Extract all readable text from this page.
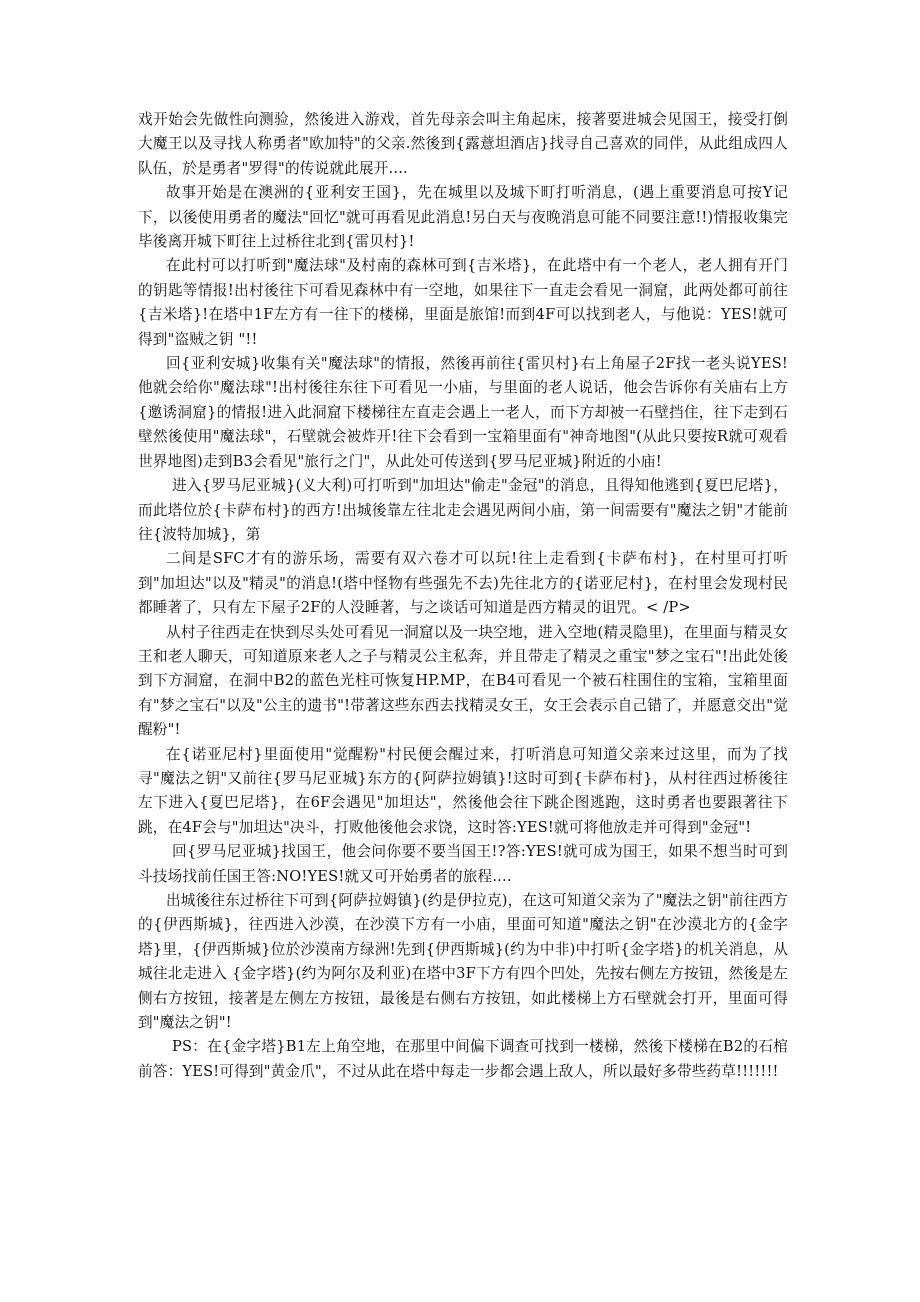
戏开始会先做性向测验，然後进入游戏，首先母亲会叫主角起床，接著要进城会见国王，接受打倒大魔王以及寻找人称勇者"欧加特"的父亲.然後到{露薏坦酒店}找寻自己喜欢的同伴，从此组成四人队伍，於是勇者"罗得"的传说就此展开....

故事开始是在澳洲的{亚利安王国}，先在城里以及城下町打听消息，(遇上重要消息可按Y记下，以後使用勇者的魔法"回忆"就可再看见此消息!另白天与夜晚消息可能不同要注意!!)情报收集完毕後离开城下町往上过桥往北到{雷贝村}!

在此村可以打听到"魔法球"及村南的森林可到{吉米塔}，在此塔中有一个老人，老人拥有开门的钥匙等情报!出村後往下可看见森林中有一空地，如果往下一直走会看见一洞窟，此两处都可前往{吉米塔}!在塔中1F左方有一往下的楼梯，里面是旅馆!而到4F可以找到老人，与他说：YES!就可得到"盗贼之钥 "!!

回{亚利安城}收集有关"魔法球"的情报，然後再前往{雷贝村}右上角屋子2F找一老头说YES!他就会给你"魔法球"!出村後往东往下可看见一小庙，与里面的老人说话，他会告诉你有关庙右上方{邀诱洞窟}的情报!进入此洞窟下楼梯往左直走会遇上一老人，而下方却被一石壁挡住，往下走到石壁然後使用"魔法球"，石壁就会被炸开!往下会看到一宝箱里面有"神奇地图"(从此只要按R就可观看世界地图)走到B3会看见"旅行之门"，从此处可传送到{罗马尼亚城}附近的小庙!

进入{罗马尼亚城}(义大利)可打听到"加坦达"偷走"金冠"的消息，且得知他逃到{夏巴尼塔}，而此塔位於{卡萨布村}的西方!出城後靠左往北走会遇见两间小庙，第一间需要有"魔法之钥"才能前往{波特加城}，第

二间是SFC才有的游乐场，需要有双六卷才可以玩!往上走看到{卡萨布村}，在村里可打听到"加坦达"以及"精灵"的消息!(塔中怪物有些强先不去)先往北方的{诺亚尼村}，在村里会发现村民都睡著了，只有左下屋子2F的人没睡著，与之谈话可知道是西方精灵的诅咒。< /P>

从村子往西走在快到尽头处可看见一洞窟以及一块空地，进入空地(精灵隐里)，在里面与精灵女王和老人聊天，可知道原来老人之子与精灵公主私奔，并且带走了精灵之重宝"梦之宝石"!出此处後到下方洞窟，在洞中B2的蓝色光柱可恢复HP.MP，在B4可看见一个被石柱围住的宝箱，宝箱里面有"梦之宝石"以及"公主的遗书"!带著这些东西去找精灵女王，女王会表示自己错了，并愿意交出"觉醒粉"!

在{诺亚尼村}里面使用"觉醒粉"村民便会醒过来，打听消息可知道父亲来过这里，而为了找寻"魔法之钥"又前往{罗马尼亚城}东方的{阿萨拉姆镇}!这时可到{卡萨布村}，从村往西过桥後往左下进入{夏巴尼塔}，在6F会遇见"加坦达"，然後他会往下跳企图逃跑，这时勇者也要跟著往下跳，在4F会与"加坦达"决斗，打败他後他会求饶，这时答:YES!就可将他放走并可得到"金冠"!

回{罗马尼亚城}找国王，他会问你要不要当国王!?答:YES!就可成为国王，如果不想当时可到斗技场找前任国王答:NO!YES!就又可开始勇者的旅程....

出城後往东过桥往下可到{阿萨拉姆镇}(约是伊拉克)，在这可知道父亲为了"魔法之钥"前往西方的{伊西斯城}，往西进入沙漠，在沙漠下方有一小庙，里面可知道"魔法之钥"在沙漠北方的{金字塔}里，{伊西斯城}位於沙漠南方绿洲!先到{伊西斯城}(约为中非)中打听{金字塔}的机关消息，从城往北走进入 {金字塔}(约为阿尔及利亚)在塔中3F下方有四个凹处，先按右侧左方按钮，然後是左侧右方按钮，接著是左侧左方按钮，最後是右侧右方按钮，如此楼梯上方石壁就会打开，里面可得到"魔法之钥"!

PS：在{金字塔}B1左上角空地，在那里中间偏下调查可找到一楼梯，然後下楼梯在B2的石棺前答：YES!可得到"黄金爪"，不过从此在塔中每走一步都会遇上敌人，所以最好多带些药草!!!!!!!
